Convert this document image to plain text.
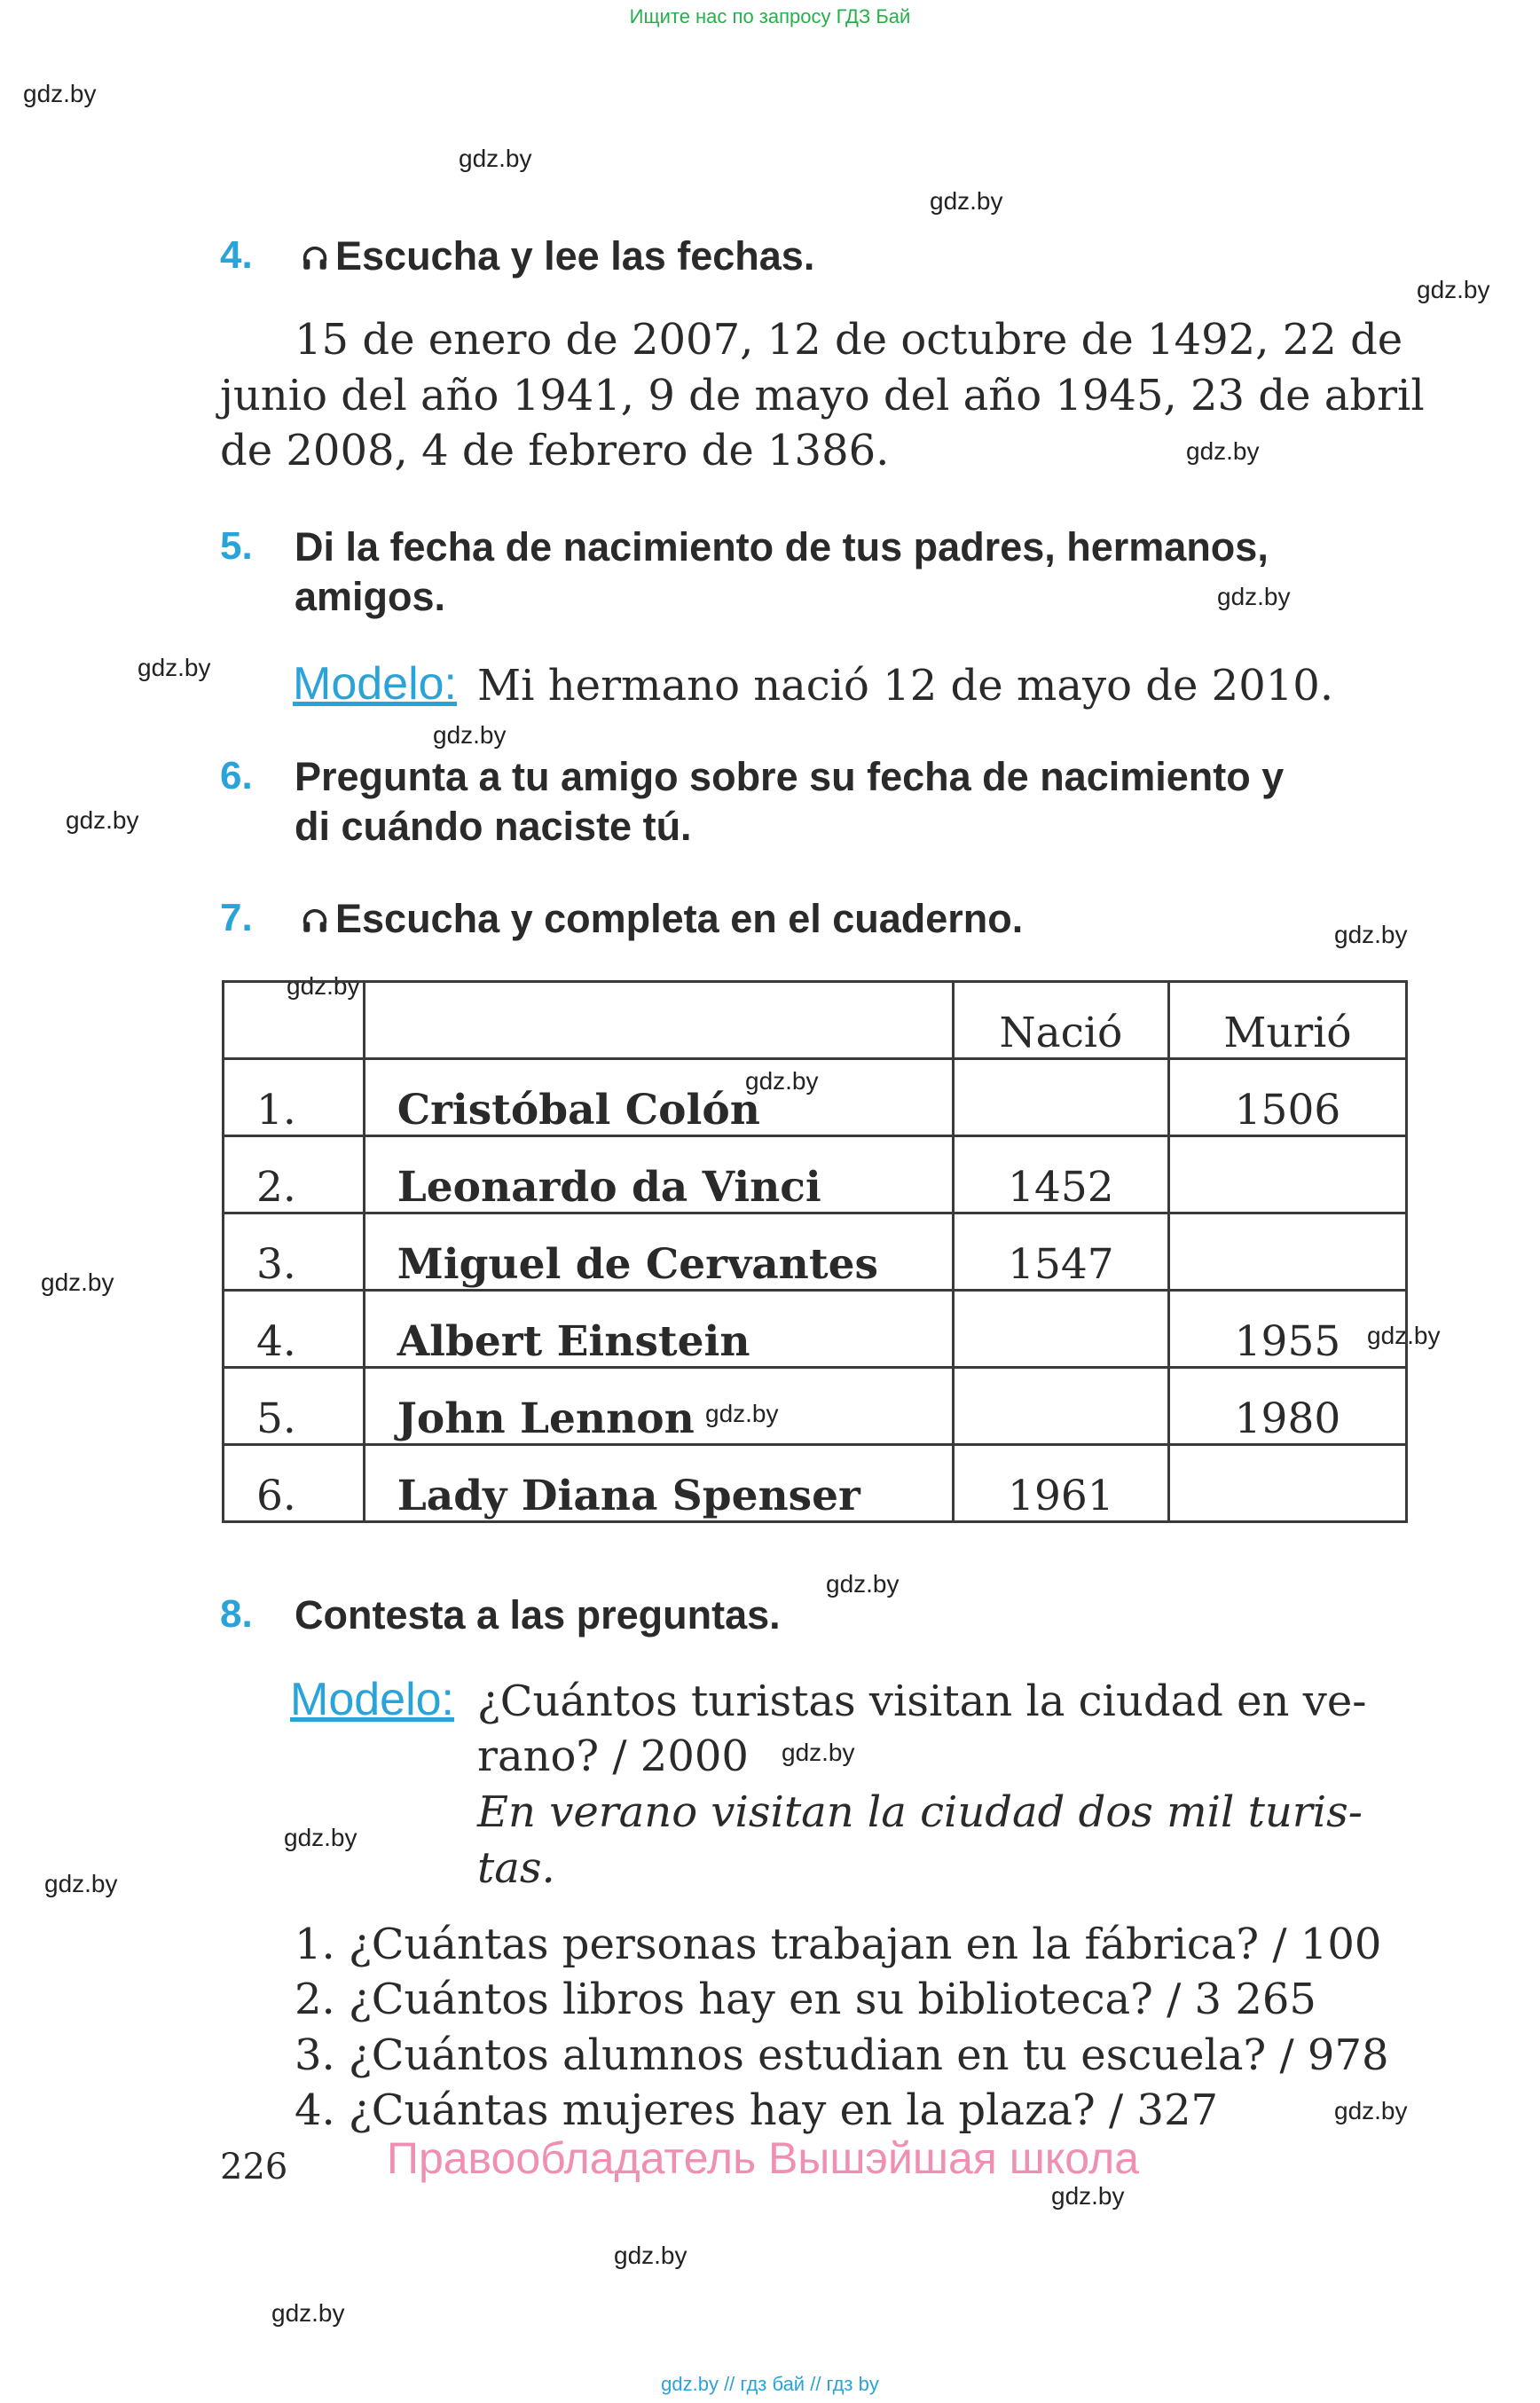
Ищите нас по запросу ГДЗ Бай
gdz.by
gdz.by
gdz.by
gdz.by
gdz.by
gdz.by
gdz.by
gdz.by
gdz.by
gdz.by
gdz.by
gdz.by
gdz.by
gdz.by
gdz.by
gdz.by
gdz.by
gdz.by
gdz.by
gdz.by
gdz.by
gdz.by
gdz.by
4.	Escucha y lee las fechas.
15 de enero de 2007, 12 de octubre de 1492, 22 de
junio del año 1941, 9 de mayo del año 1945, 23 de abril
de 2008, 4 de febrero de 1386.
5. Di la fecha de nacimiento de tus padres, hermanos,
amigos.
Modelo: Mi hermano nació 12 de mayo de 2010.
6. Pregunta a tu amigo sobre su fecha de nacimiento y
di cuándo naciste tú.
7.	Escucha y completa en el cuaderno.
		Nació	Murió
1.	Cristóbal Colón		1506
2.	Leonardo da Vinci	1452	
3.	Miguel de Cervantes	1547	
4.	Albert Einstein		1955
5.	John Lennon		1980
6.	Lady Diana Spenser	1961	
8. Contesta a las preguntas.
Modelo: ¿Cuántos turistas visitan la ciudad en ve-
rano? / 2000
En verano visitan la ciudad dos mil turis-
tas.
1. ¿Cuántas personas trabajan en la fábrica? / 100
2. ¿Cuántos libros hay en su biblioteca? / 3 265
3. ¿Cuántos alumnos estudian en tu escuela? / 978
4. ¿Cuántas mujeres hay en la plaza? / 327
226 Правообладатель Вышэйшая школа
gdz.by // гдз бай // гдз by
